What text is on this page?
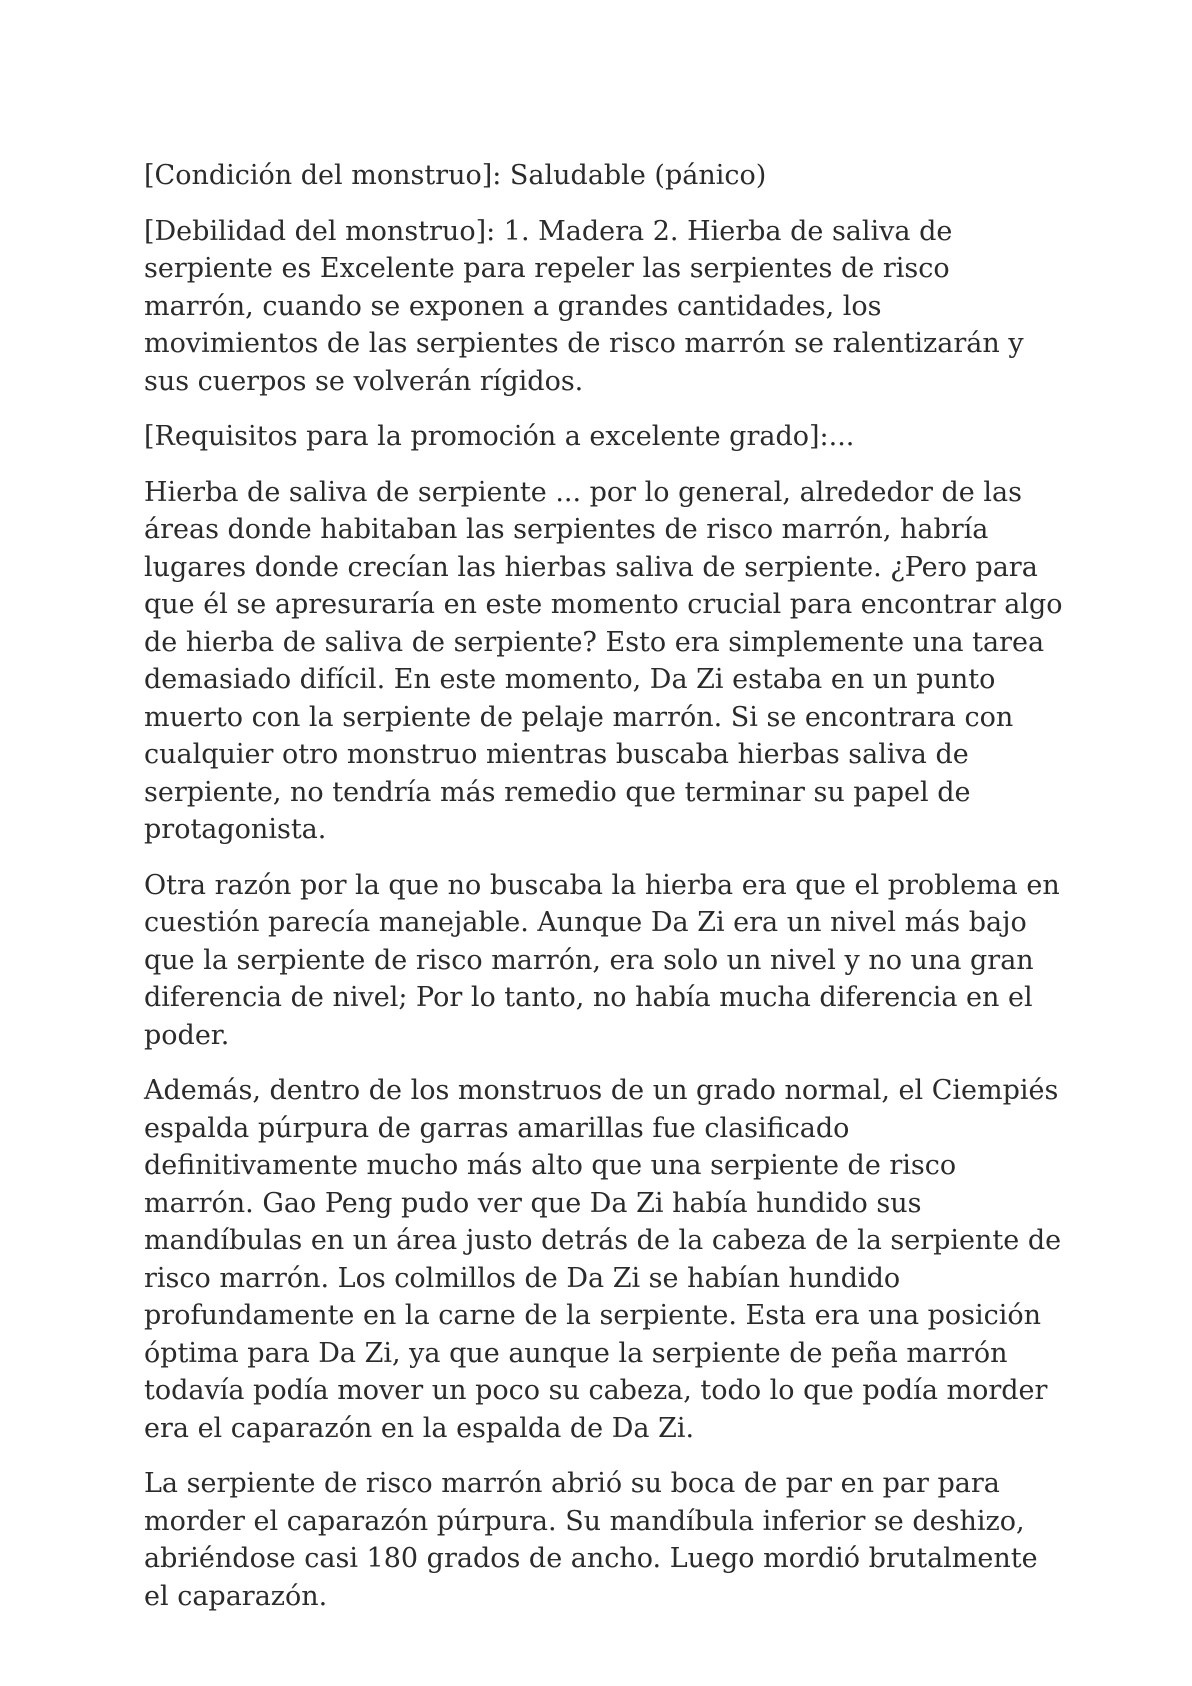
[Condición del monstruo]: Saludable (pánico)

[Debilidad del monstruo]: 1. Madera 2. Hierba de saliva de serpiente es Excelente para repeler las serpientes de risco marrón, cuando se exponen a grandes cantidades, los movimientos de las serpientes de risco marrón se ralentizarán y sus cuerpos se volverán rígidos.

[Requisitos para la promoción a excelente grado]:...

Hierba de saliva de serpiente ... por lo general, alrededor de las áreas donde habitaban las serpientes de risco marrón, habría lugares donde crecían las hierbas saliva de serpiente. ¿Pero para que él se apresuraría en este momento crucial para encontrar algo de hierba de saliva de serpiente? Esto era simplemente una tarea demasiado difícil. En este momento, Da Zi estaba en un punto muerto con la serpiente de pelaje marrón. Si se encontrara con cualquier otro monstruo mientras buscaba hierbas saliva de serpiente, no tendría más remedio que terminar su papel de protagonista.

Otra razón por la que no buscaba la hierba era que el problema en cuestión parecía manejable. Aunque Da Zi era un nivel más bajo que la serpiente de risco marrón, era solo un nivel y no una gran diferencia de nivel; Por lo tanto, no había mucha diferencia en el poder.

Además, dentro de los monstruos de un grado normal, el Ciempiés espalda púrpura de garras amarillas fue clasificado definitivamente mucho más alto que una serpiente de risco marrón. Gao Peng pudo ver que Da Zi había hundido sus mandíbulas en un área justo detrás de la cabeza de la serpiente de risco marrón. Los colmillos de Da Zi se habían hundido profundamente en la carne de la serpiente. Esta era una posición óptima para Da Zi, ya que aunque la serpiente de peña marrón todavía podía mover un poco su cabeza, todo lo que podía morder era el caparazón en la espalda de Da Zi.

La serpiente de risco marrón abrió su boca de par en par para morder el caparazón púrpura. Su mandíbula inferior se deshizo, abriéndose casi 180 grados de ancho. Luego mordió brutalmente el caparazón.
